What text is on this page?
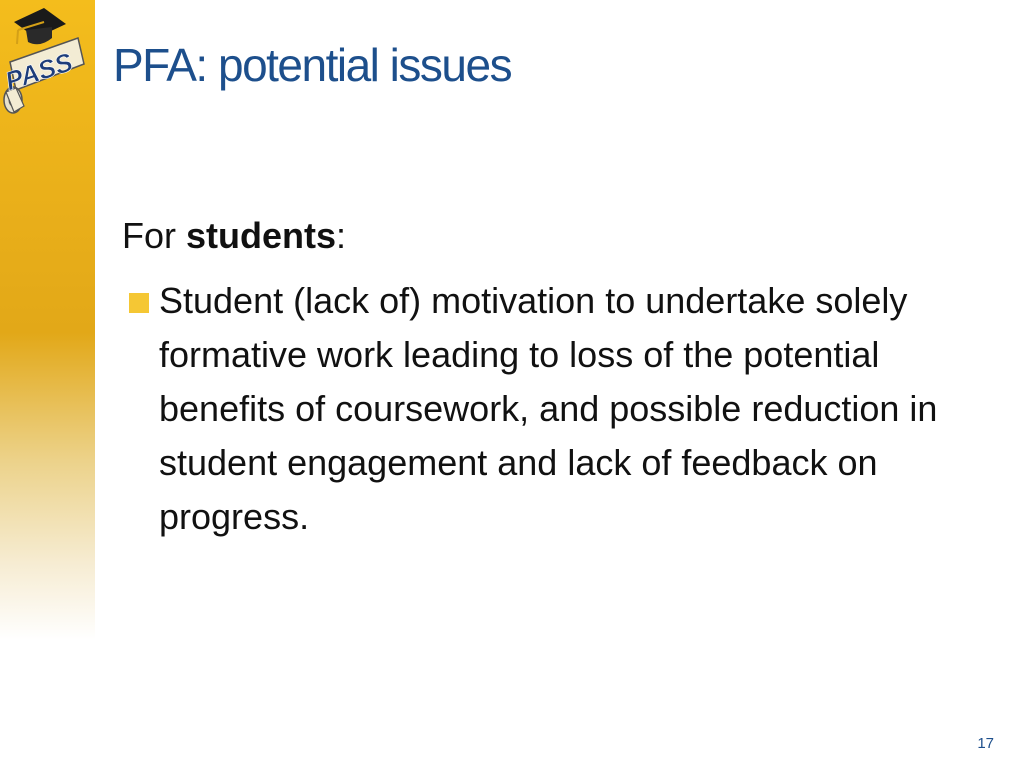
PASS PFA: potential issues

For students:

Student (lack of) motivation to undertake solely formative work leading to loss of the potential benefits of coursework, and possible reduction in student engagement and lack of feedback on progress.

17
